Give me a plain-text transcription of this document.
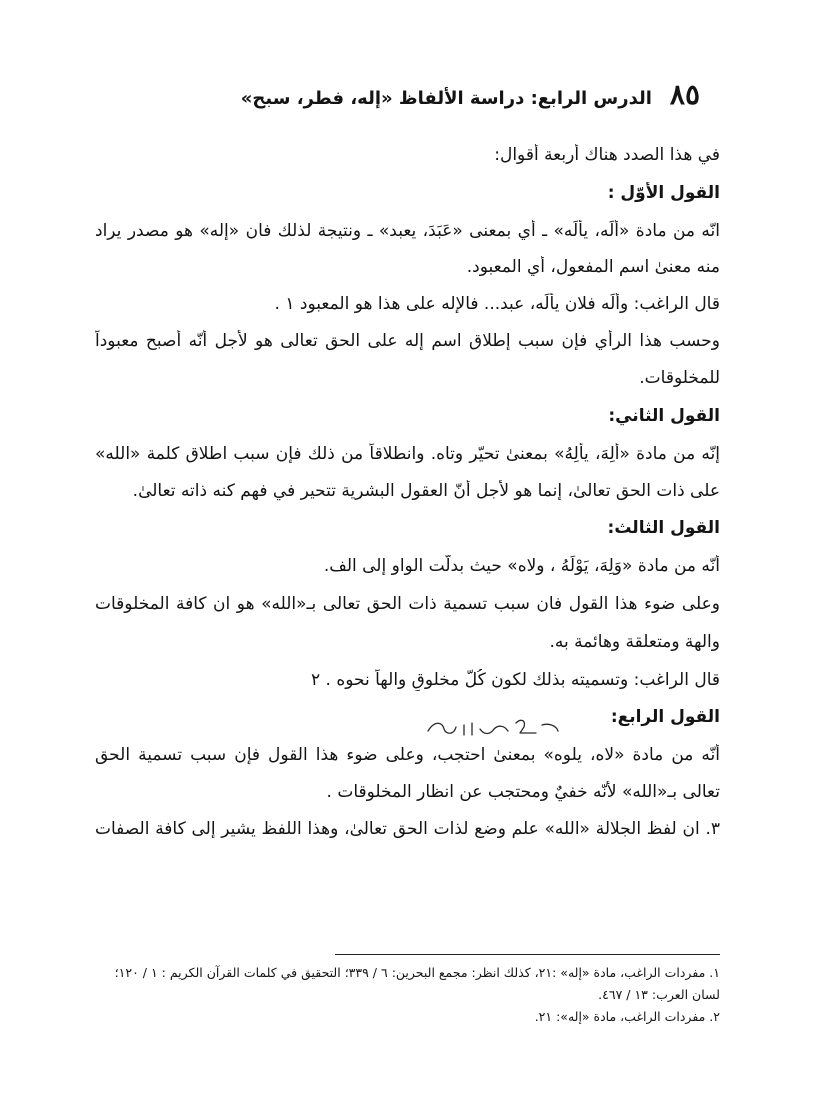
٨٥
الدرس الرابع: دراسة الألفاظ «إله، فطر، سبح»
في هذا الصدد هناك أربعة أقوال:
القول الأوّل :
انّه من مادة «ألَه، يألَه» ـ أي بمعنى «عَبَدَ، يعبد» ـ ونتيجة لذلك فان «إله» هو مصدر يراد
منه معنىٰ اسم المفعول، أي المعبود.
قال الراغب: وألَه فلان يألَه، عبد... فالإله على هذا هو المعبود ١ .
وحسب هذا الرأي فإن سبب إطلاق اسم إله على الحق تعالى هو لأجل أنّه أصبح معبوداً
للمخلوقات.
القول الثاني:
إنّه من مادة «ألِهَ، يألِهُ» بمعنىٰ تحيّر وتاه. وانطلاقاً من ذلك فإن سبب اطلاق كلمة «الله»
على ذات الحق تعالىٰ، إنما هو لأجل أنّ العقول البشرية تتحير في فهم كنه ذاته تعالىٰ.
القول الثالث:
أنّه من مادة «وَلِهَ، يَوْلَهُ ، ولاه» حيث بدلّت الواو إلى الف.
وعلى ضوء هذا القول فان سبب تسمية ذات الحق تعالى بـ«الله» هو ان كافة المخلوقات
والهة ومتعلقة وهائمة به.
قال الراغب: وتسميته بذلك لكون كُلّ مخلوقٍ والهاً نحوه . ٢
القول الرابع:
أنّه من مادة «لاه، يلوه» بمعنىٰ احتجب، وعلى ضوء هذا القول فإن سبب تسمية الحق
تعالى بـ«الله» لأنّه خفيٌ ومحتجب عن انظار المخلوقات .
٣. ان لفظ الجلالة «الله» علم وضع لذات الحق تعالىٰ، وهذا اللفظ يشير إلى كافة الصفات
١. مفردات الراغب، مادة «إله» :٢١، كذلك انظر: مجمع البحرين: ٦ / ٣٣٩؛ التحقيق في كلمات القرآن الكريم : ١ / ١٢٠؛
لسان العرب: ١٣ / ٤٦٧.
٢. مفردات الراغب، مادة «إله»: ٢١.
